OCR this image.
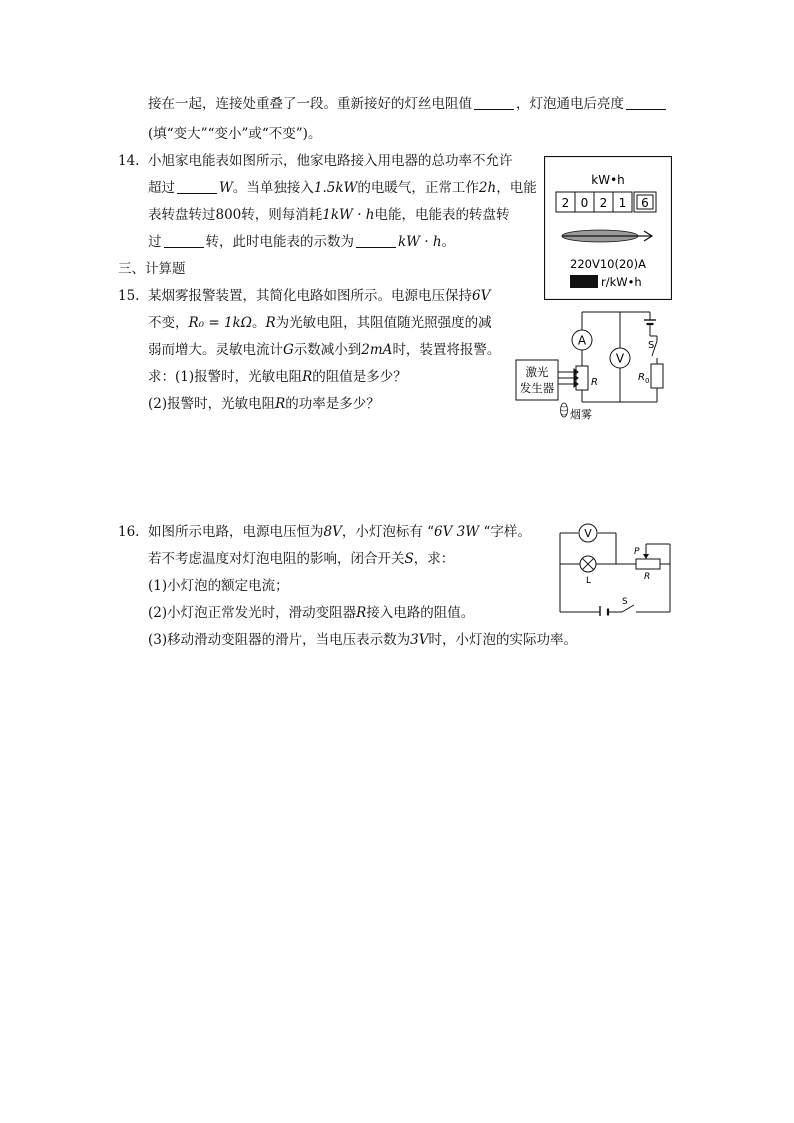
接在一起，连接处重叠了一段。重新接好的灯丝电阻值	，灯泡通电后亮度
(填“变大”“变小”或“不变”)。
14. 小旭家电能表如图所示，他家电路接入用电器的总功率不允许
超过	W。当单独接入1.5kW的电暖气，正常工作2h，电能
表转盘转过800转，则每消耗1kW · h电能，电能表的转盘转
过	转，此时电能表的示数为	kW · h。
kW•h
2 0 2 1 6
220V10(20)A
r/kW•h
三、计算题
15. 某烟雾报警装置，其简化电路如图所示。电源电压保持6V
不变，R₀ = 1kΩ。R为光敏电阻，其阻值随光照强度的减
弱而增大。灵敏电流计G示数减小到2mA时，装置将报警。
求：(1)报警时，光敏电阻R的阻值是多少？
(2)报警时，光敏电阻R的功率是多少？
A
V
S
R 0
R
激光
发生器
烟雾
16. 如图所示电路，电源电压恒为8V，小灯泡标有 “6V 3W “字样。
若不考虑温度对灯泡电阻的影响，闭合开关S，求：
(1)小灯泡的额定电流；
(2)小灯泡正常发光时，滑动变阻器R接入电路的阻值。
(3)移动滑动变阻器的滑片，当电压表示数为3V时，小灯泡的实际功率。
V
L
P
R
S
